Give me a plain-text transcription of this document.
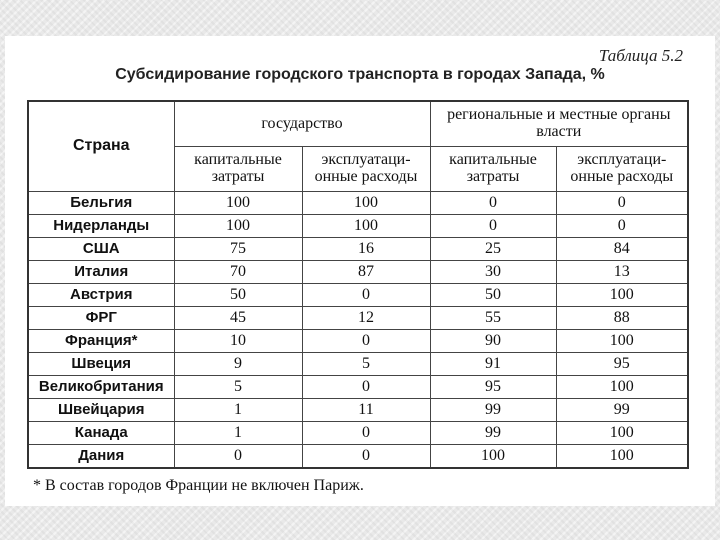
Таблица 5.2
Субсидирование городского транспорта в городах Запада, %
Страна	государство		региональные и местные органы власти	
	капитальные затраты	эксплуатаци- онные расходы	капитальные затраты	эксплуатаци- онные расходы
Бельгия	100	100	0	0
Нидерланды	100	100	0	0
США	75	16	25	84
Италия	70	87	30	13
Австрия	50	0	50	100
ФРГ	45	12	55	88
Франция*	10	0	90	100
Швеция	9	5	91	95
Великобритания	5	0	95	100
Швейцария	1	11	99	99
Канада	1	0	99	100
Дания	0	0	100	100
* В состав городов Франции не включен Париж.
